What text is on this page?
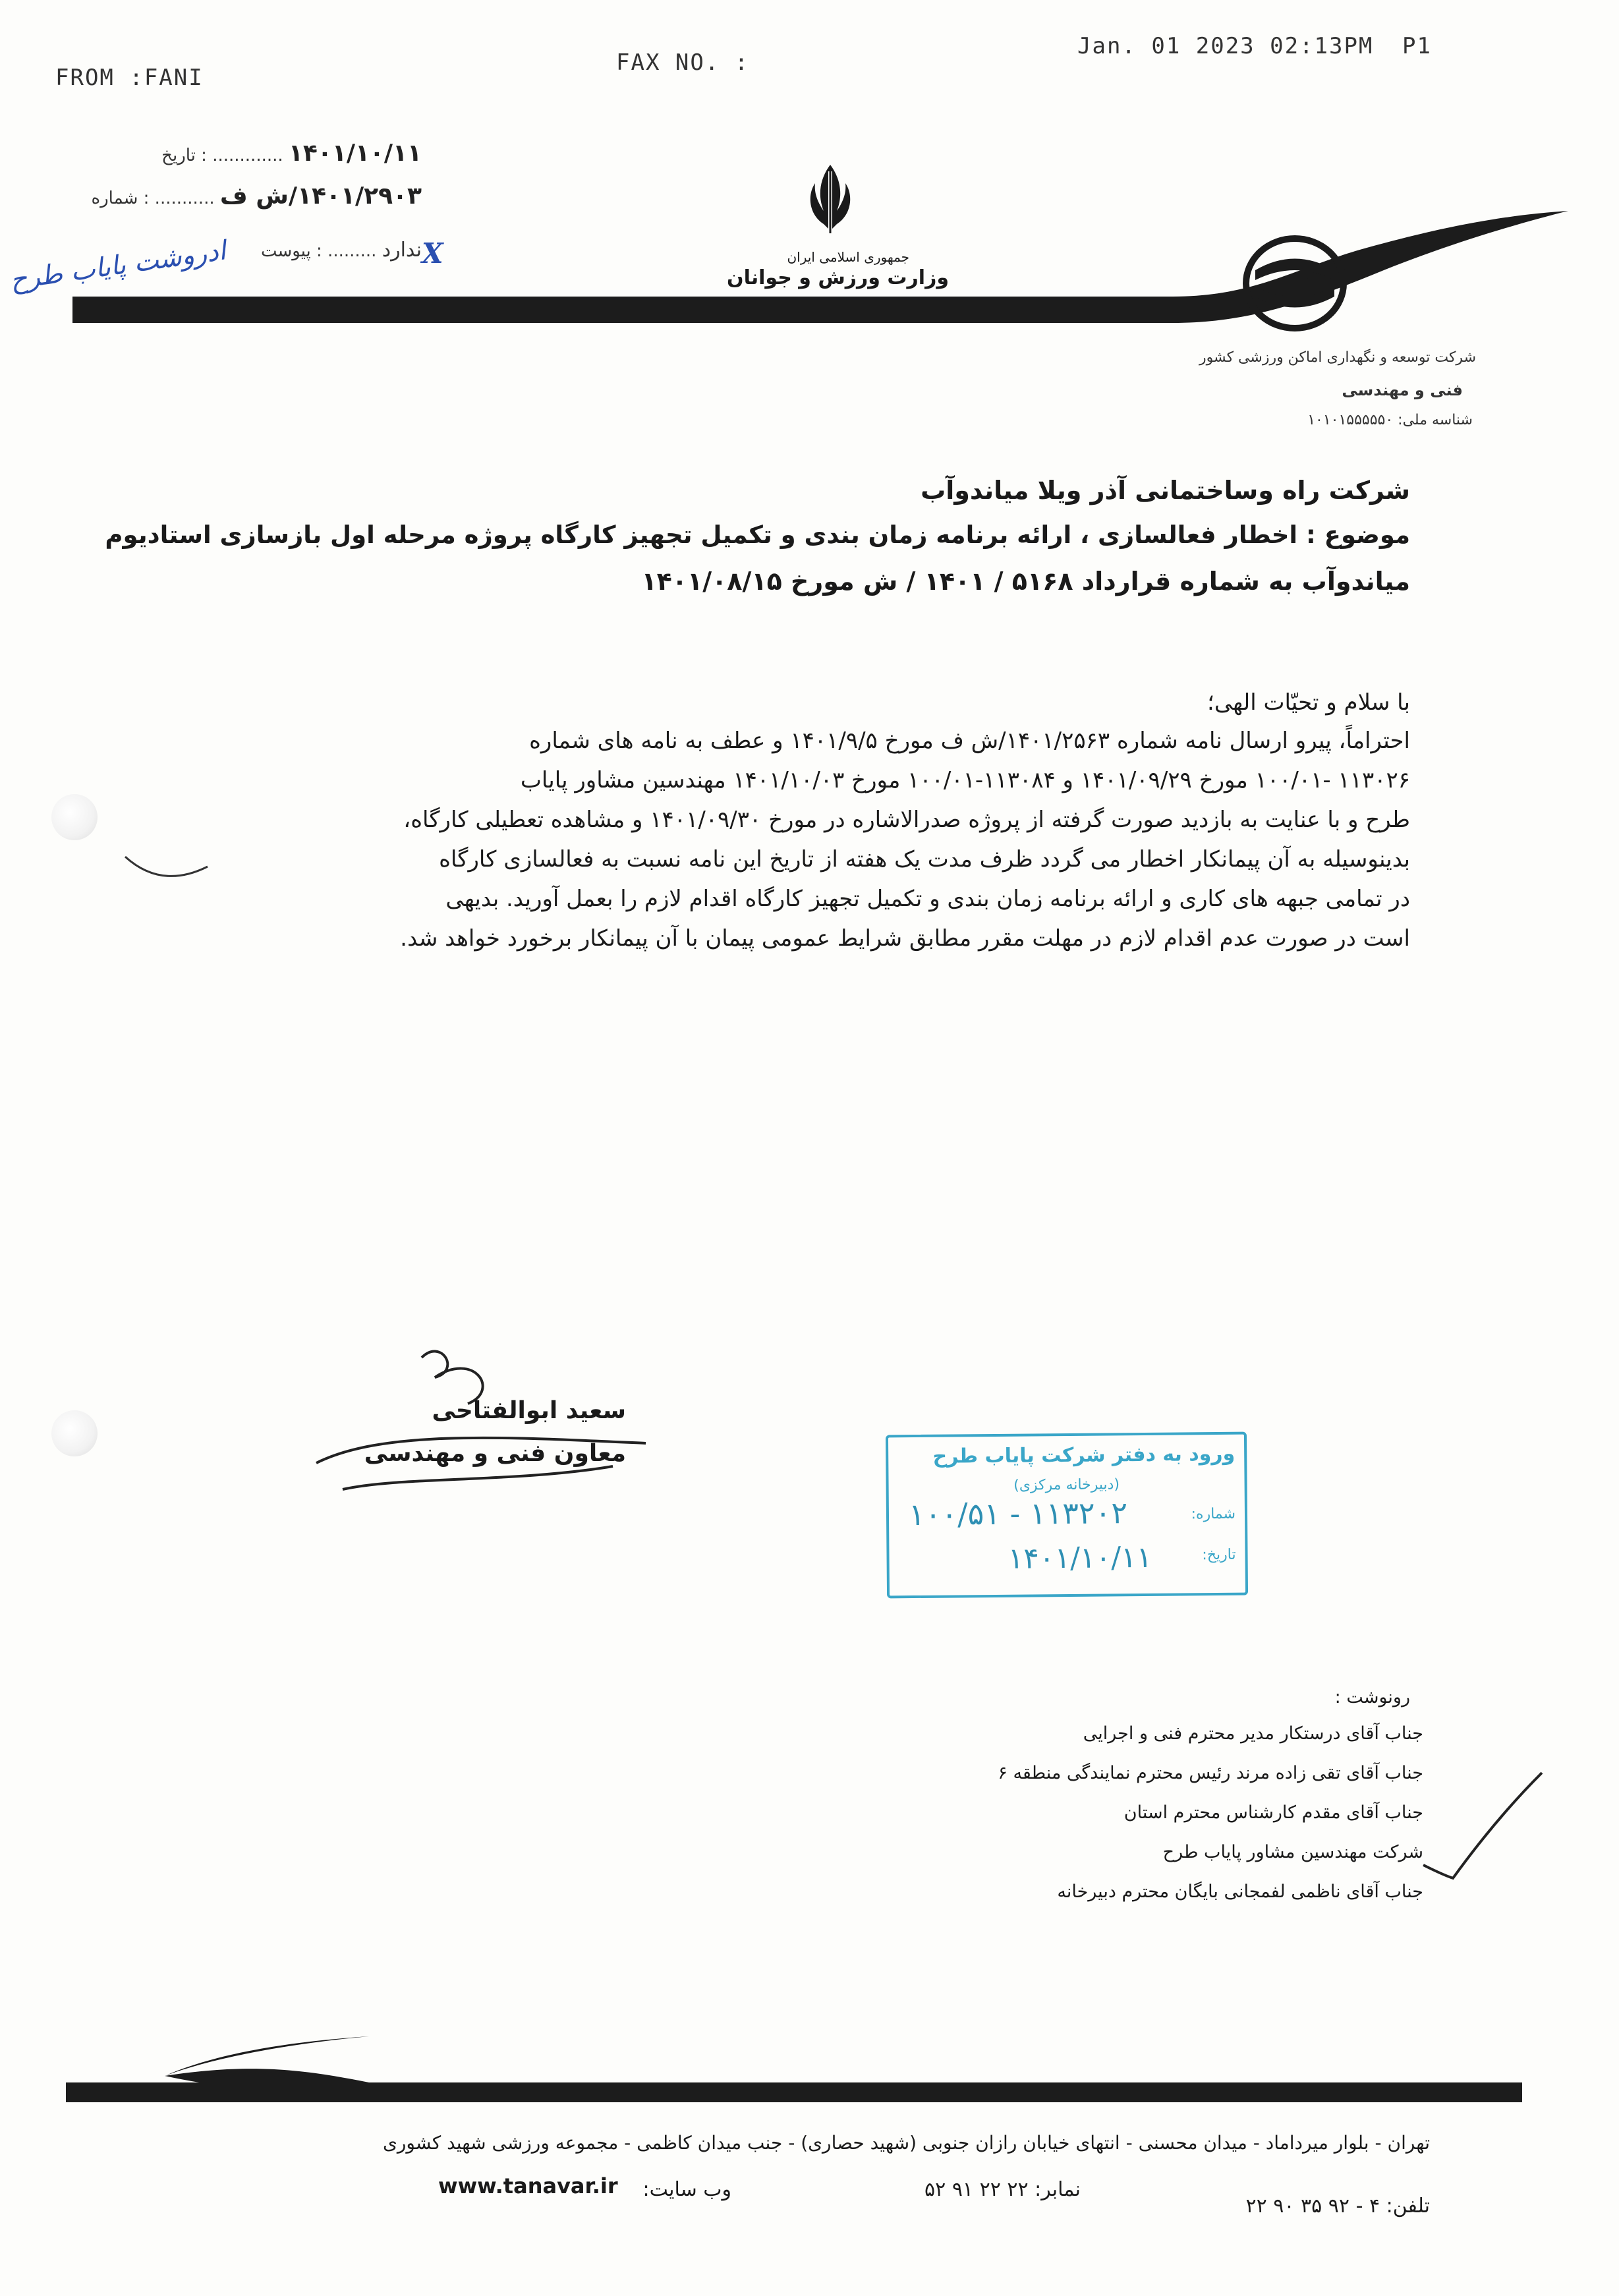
FROM :FANI
FAX NO. :
Jan. 01 2023 02:13PM P1
۱۴۰۱/۱۰/۱۱ ............. : تاریخ
۱۴۰۱/۲۹۰۳/ش ف ........... : شماره
ندارد ......... : پیوست	X
ادروشت پایاب طرح	جمهوری اسلامی ایران
وزارت ورزش و جوانان
شرکت توسعه و نگهداری اماکن ورزشی کشور
فنی و مهندسی
شناسه ملی: ۱۰۱۰۱۵۵۵۵۵۰
شرکت راه وساختمانی آذر ویلا میاندوآب
موضوع : اخطار فعالسازی ، ارائه برنامه زمان بندی و تکمیل تجهیز کارگاه پروژه مرحله اول بازسازی استادیوم
میاندوآب به شماره قرارداد ۵۱۶۸ / ۱۴۰۱ / ش مورخ ۱۴۰۱/۰۸/۱۵
با سلام و تحیّات الهی؛
احتراماً، پیرو ارسال نامه شماره ۱۴۰۱/۲۵۶۳/ش ف مورخ ۱۴۰۱/۹/۵ و عطف به نامه های شماره
۱۱۳۰۲۶ -۱۰۰/۰۱ مورخ ۱۴۰۱/۰۹/۲۹ و ۱۱۳۰۸۴-۱۰۰/۰۱ مورخ ۱۴۰۱/۱۰/۰۳ مهندسین مشاور پایاب
طرح و با عنایت به بازدید صورت گرفته از پروژه صدرالاشاره در مورخ ۱۴۰۱/۰۹/۳۰ و مشاهده تعطیلی کارگاه،
بدینوسیله به آن پیمانکار اخطار می گردد ظرف مدت یک هفته از تاریخ این نامه نسبت به فعالسازی کارگاه
در تمامی جبهه های کاری و ارائه برنامه زمان بندی و تکمیل تجهیز کارگاه اقدام لازم را بعمل آورید. بدیهی
است در صورت عدم اقدام لازم در مهلت مقرر مطابق شرایط عمومی پیمان با آن پیمانکار برخورد خواهد شد.
سعید ابوالفتاحی
معاون فنی و مهندسی	ورود به دفتر شرکت پایاب طرح
(دبیرخانه مرکزی)
شماره:
۱۰۰/۵۱ - ۱۱۳۲۰۲
تاریخ:
۱۴۰۱/۱۰/۱۱
رونوشت :
جناب آقای درستکار مدیر محترم فنی و اجرایی
جناب آقای تقی زاده مرند رئیس محترم نمایندگی منطقه ۶
جناب آقای مقدم کارشناس محترم استان
شرکت مهندسین مشاور پایاب طرح
جناب آقای ناظمی لفمجانی بایگان محترم دبیرخانه
تهران - بلوار میرداماد - میدان محسنی - انتهای خیابان رازان جنوبی (شهید حصاری) - جنب میدان کاظمی - مجموعه ورزشی شهید کشوری
تلفن: ۴ - ۹۲ ۳۵ ۹۰ ۲۲
نمابر: ۲۲ ۲۲ ۹۱ ۵۲
وب سایت:
www.tanavar.ir
